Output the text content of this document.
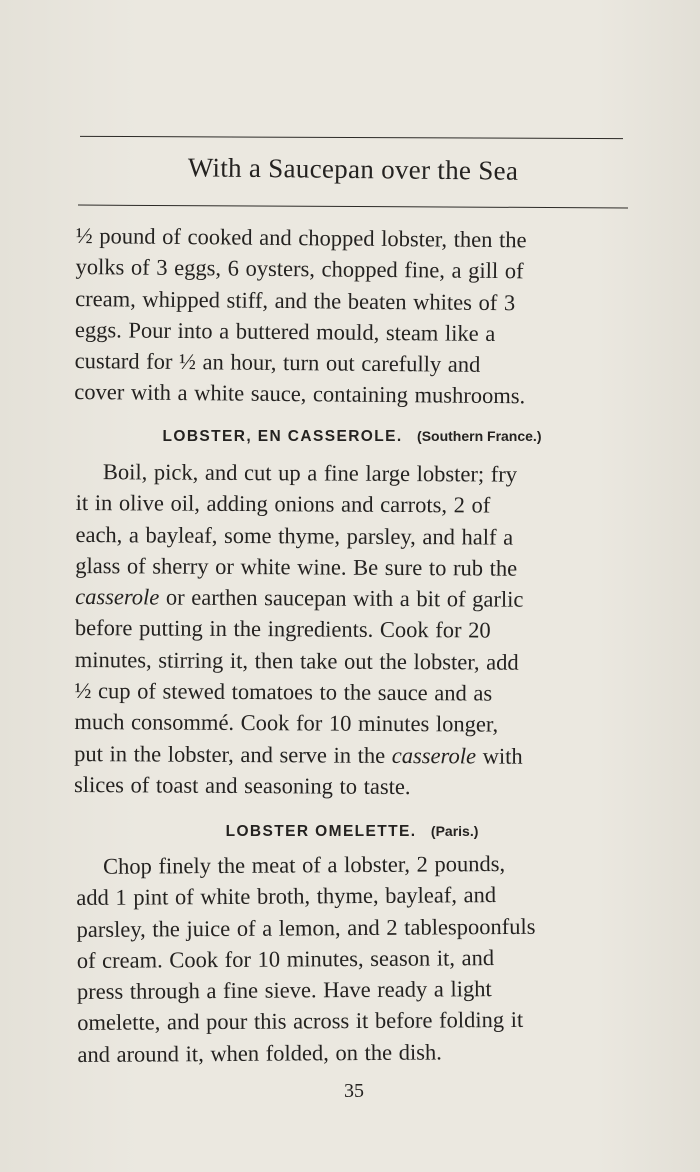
With a Saucepan over the Sea
½ pound of cooked and chopped lobster, then the
yolks of 3 eggs, 6 oysters, chopped fine, a gill of
cream, whipped stiff, and the beaten whites of 3
eggs. Pour into a buttered mould, steam like a
custard for ½ an hour, turn out carefully and
cover with a white sauce, containing mushrooms.
LOBSTER, EN CASSEROLE. (Southern France.)
Boil, pick, and cut up a fine large lobster; fry
it in olive oil, adding onions and carrots, 2 of
each, a bayleaf, some thyme, parsley, and half a
glass of sherry or white wine. Be sure to rub the
casserole or earthen saucepan with a bit of garlic
before putting in the ingredients. Cook for 20
minutes, stirring it, then take out the lobster, add
½ cup of stewed tomatoes to the sauce and as
much consommé. Cook for 10 minutes longer,
put in the lobster, and serve in the casserole with
slices of toast and seasoning to taste.
LOBSTER OMELETTE. (Paris.)
Chop finely the meat of a lobster, 2 pounds,
add 1 pint of white broth, thyme, bayleaf, and
parsley, the juice of a lemon, and 2 tablespoonfuls
of cream. Cook for 10 minutes, season it, and
press through a fine sieve. Have ready a light
omelette, and pour this across it before folding it
and around it, when folded, on the dish.
35
